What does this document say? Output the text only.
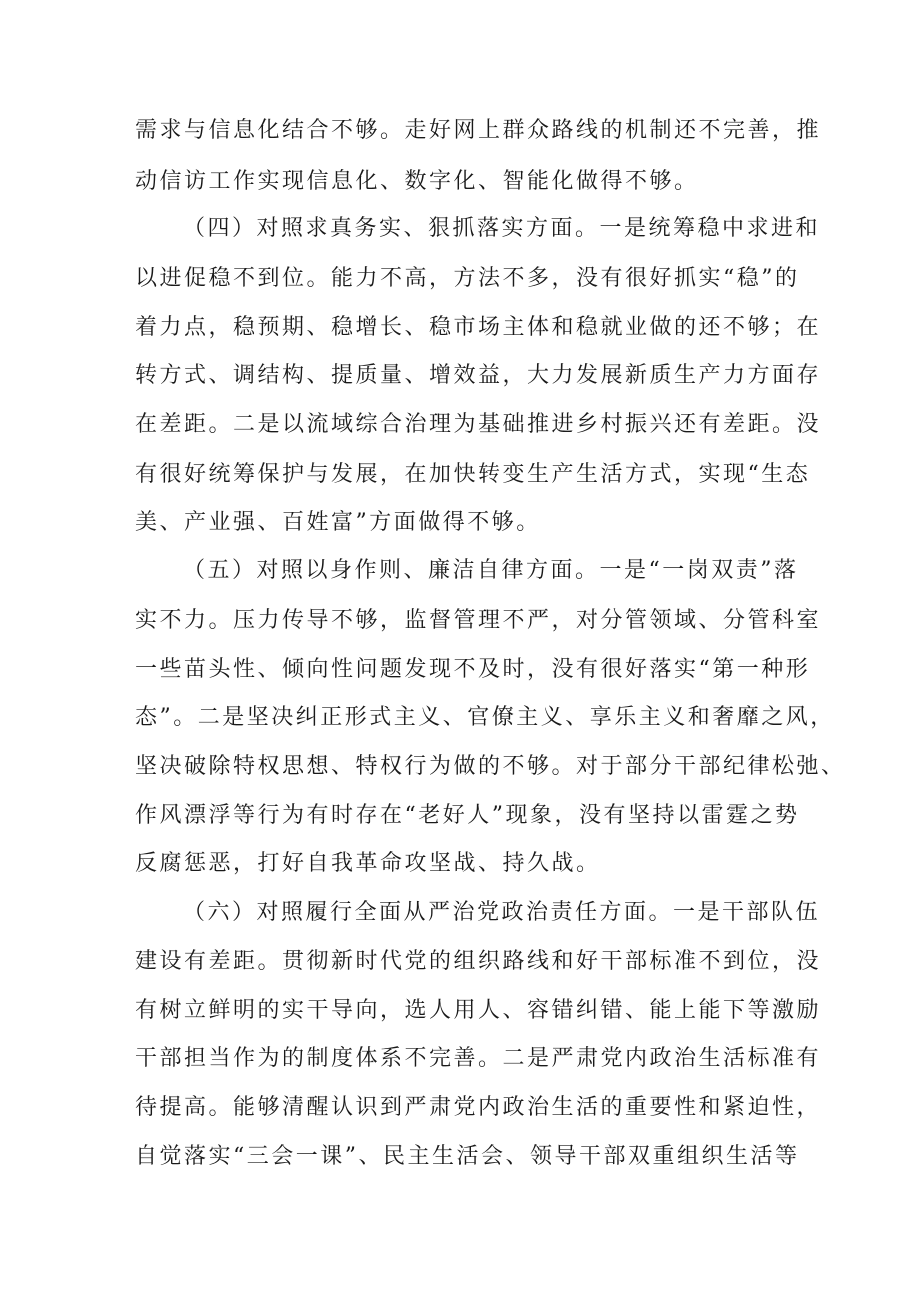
需求与信息化结合不够。走好网上群众路线的机制还不完善，推
动信访工作实现信息化、数字化、智能化做得不够。
（四）对照求真务实、狠抓落实方面。一是统筹稳中求进和
以进促稳不到位。能力不高，方法不多，没有很好抓实“稳”的
着力点，稳预期、稳增长、稳市场主体和稳就业做的还不够；在
转方式、调结构、提质量、增效益，大力发展新质生产力方面存
在差距。二是以流域综合治理为基础推进乡村振兴还有差距。没
有很好统筹保护与发展，在加快转变生产生活方式，实现“生态
美、产业强、百姓富”方面做得不够。
（五）对照以身作则、廉洁自律方面。一是“一岗双责”落
实不力。压力传导不够，监督管理不严，对分管领域、分管科室
一些苗头性、倾向性问题发现不及时，没有很好落实“第一种形
态”。二是坚决纠正形式主义、官僚主义、享乐主义和奢靡之风，
坚决破除特权思想、特权行为做的不够。对于部分干部纪律松弛、
作风漂浮等行为有时存在“老好人”现象，没有坚持以雷霆之势
反腐惩恶，打好自我革命攻坚战、持久战。
（六）对照履行全面从严治党政治责任方面。一是干部队伍
建设有差距。贯彻新时代党的组织路线和好干部标准不到位，没
有树立鲜明的实干导向，选人用人、容错纠错、能上能下等激励
干部担当作为的制度体系不完善。二是严肃党内政治生活标准有
待提高。能够清醒认识到严肃党内政治生活的重要性和紧迫性，
自觉落实“三会一课”、民主生活会、领导干部双重组织生活等
